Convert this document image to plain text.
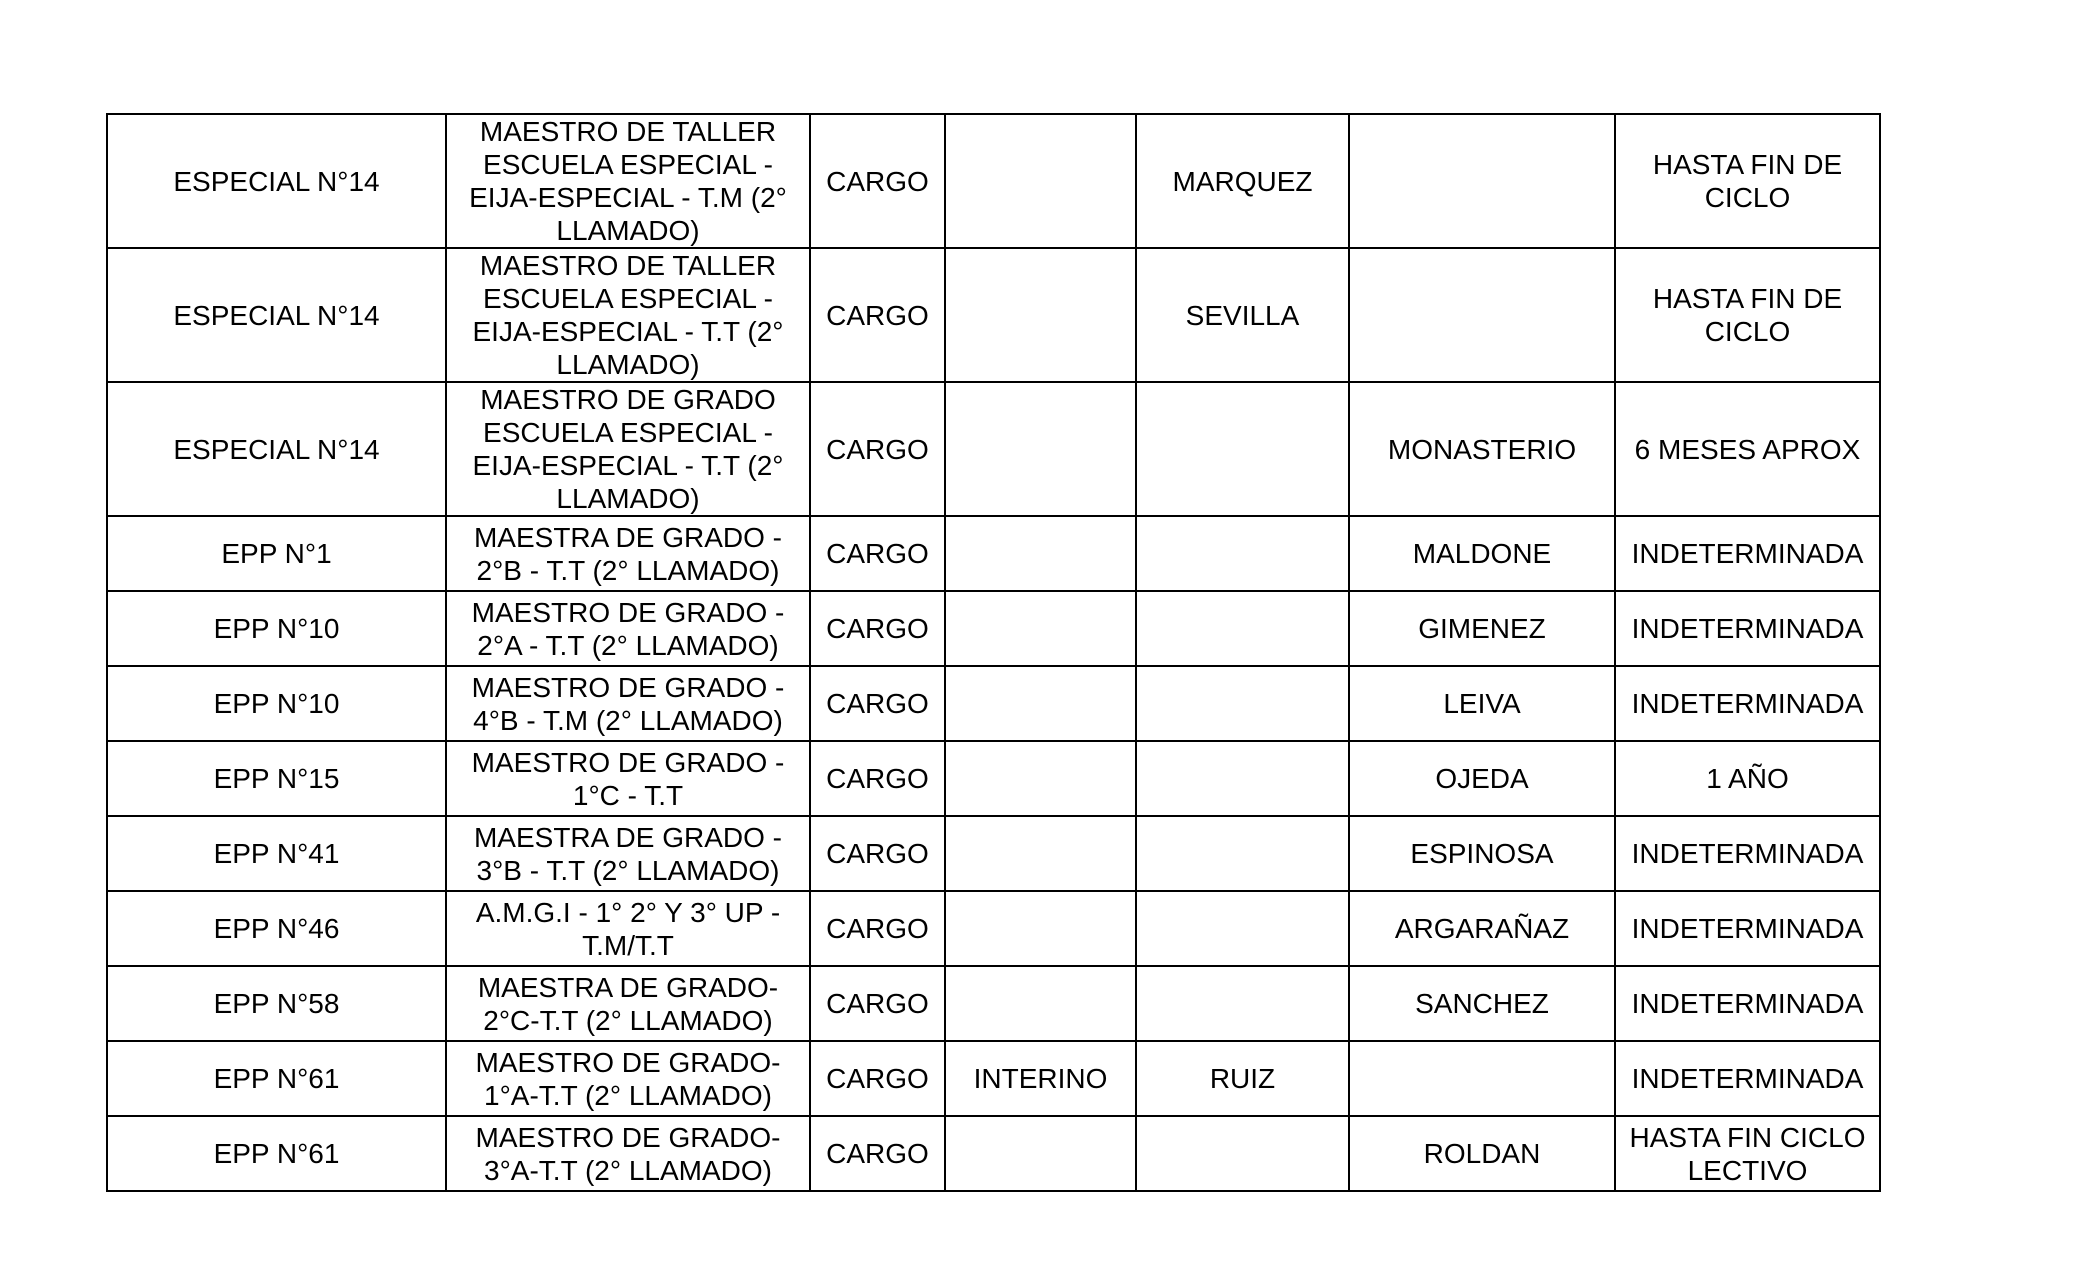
ESPECIAL N°14	MAESTRO DE TALLER ESCUELA ESPECIAL - EIJA-ESPECIAL - T.M (2° LLAMADO)	CARGO		MARQUEZ		HASTA FIN DE CICLO
ESPECIAL N°14	MAESTRO DE TALLER ESCUELA ESPECIAL - EIJA-ESPECIAL - T.T (2° LLAMADO)	CARGO		SEVILLA		HASTA FIN DE CICLO
ESPECIAL N°14	MAESTRO DE GRADO ESCUELA ESPECIAL - EIJA-ESPECIAL - T.T (2° LLAMADO)	CARGO			MONASTERIO	6 MESES APROX
EPP N°1	MAESTRA DE GRADO - 2°B - T.T (2° LLAMADO)	CARGO			MALDONE	INDETERMINADA
EPP N°10	MAESTRO DE GRADO - 2°A - T.T (2° LLAMADO)	CARGO			GIMENEZ	INDETERMINADA
EPP N°10	MAESTRO DE GRADO - 4°B - T.M (2° LLAMADO)	CARGO			LEIVA	INDETERMINADA
EPP N°15	MAESTRO DE GRADO - 1°C - T.T	CARGO			OJEDA	1 AÑO
EPP N°41	MAESTRA DE GRADO - 3°B - T.T (2° LLAMADO)	CARGO			ESPINOSA	INDETERMINADA
EPP N°46	A.M.G.I - 1° 2° Y 3° UP - T.M/T.T	CARGO			ARGARAÑAZ	INDETERMINADA
EPP N°58	MAESTRA DE GRADO-2°C-T.T (2° LLAMADO)	CARGO			SANCHEZ	INDETERMINADA
EPP N°61	MAESTRO DE GRADO-1°A-T.T (2° LLAMADO)	CARGO	INTERINO	RUIZ		INDETERMINADA
EPP N°61	MAESTRO DE GRADO-3°A-T.T (2° LLAMADO)	CARGO			ROLDAN	HASTA FIN CICLO LECTIVO
